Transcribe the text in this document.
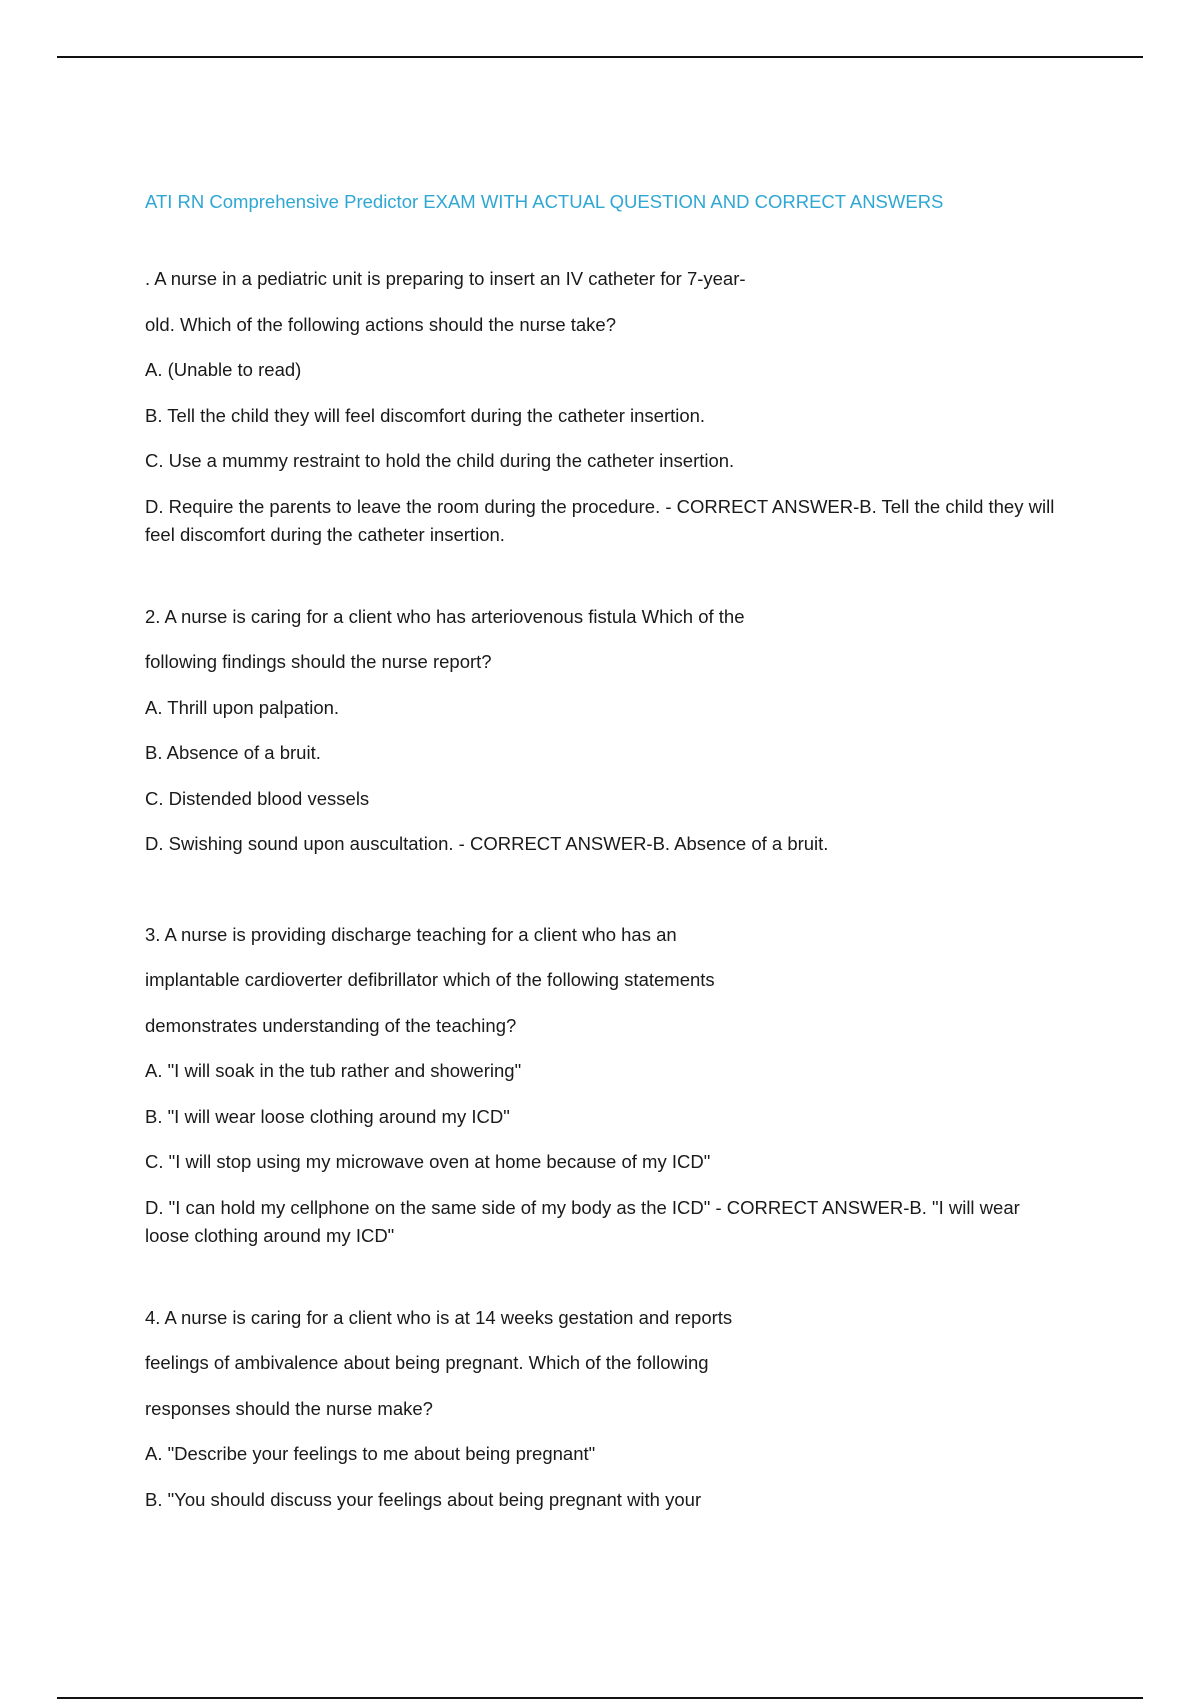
ATI RN Comprehensive Predictor EXAM WITH ACTUAL QUESTION AND CORRECT ANSWERS

. A nurse in a pediatric unit is preparing to insert an IV catheter for 7-year-

old. Which of the following actions should the nurse take?

A. (Unable to read)

B. Tell the child they will feel discomfort during the catheter insertion.

C. Use a mummy restraint to hold the child during the catheter insertion.

D. Require the parents to leave the room during the procedure. - CORRECT ANSWER-B. Tell the child they will feel discomfort during the catheter insertion.

2. A nurse is caring for a client who has arteriovenous fistula Which of the

following findings should the nurse report?

A. Thrill upon palpation.

B. Absence of a bruit.

C. Distended blood vessels

D. Swishing sound upon auscultation. - CORRECT ANSWER-B. Absence of a bruit.

3. A nurse is providing discharge teaching for a client who has an

implantable cardioverter defibrillator which of the following statements

demonstrates understanding of the teaching?

A. "I will soak in the tub rather and showering"

B. "I will wear loose clothing around my ICD"

C. "I will stop using my microwave oven at home because of my ICD"

D. "I can hold my cellphone on the same side of my body as the ICD" - CORRECT ANSWER-B. "I will wear loose clothing around my ICD"

4. A nurse is caring for a client who is at 14 weeks gestation and reports

feelings of ambivalence about being pregnant. Which of the following

responses should the nurse make?

A. "Describe your feelings to me about being pregnant"

B. "You should discuss your feelings about being pregnant with your
